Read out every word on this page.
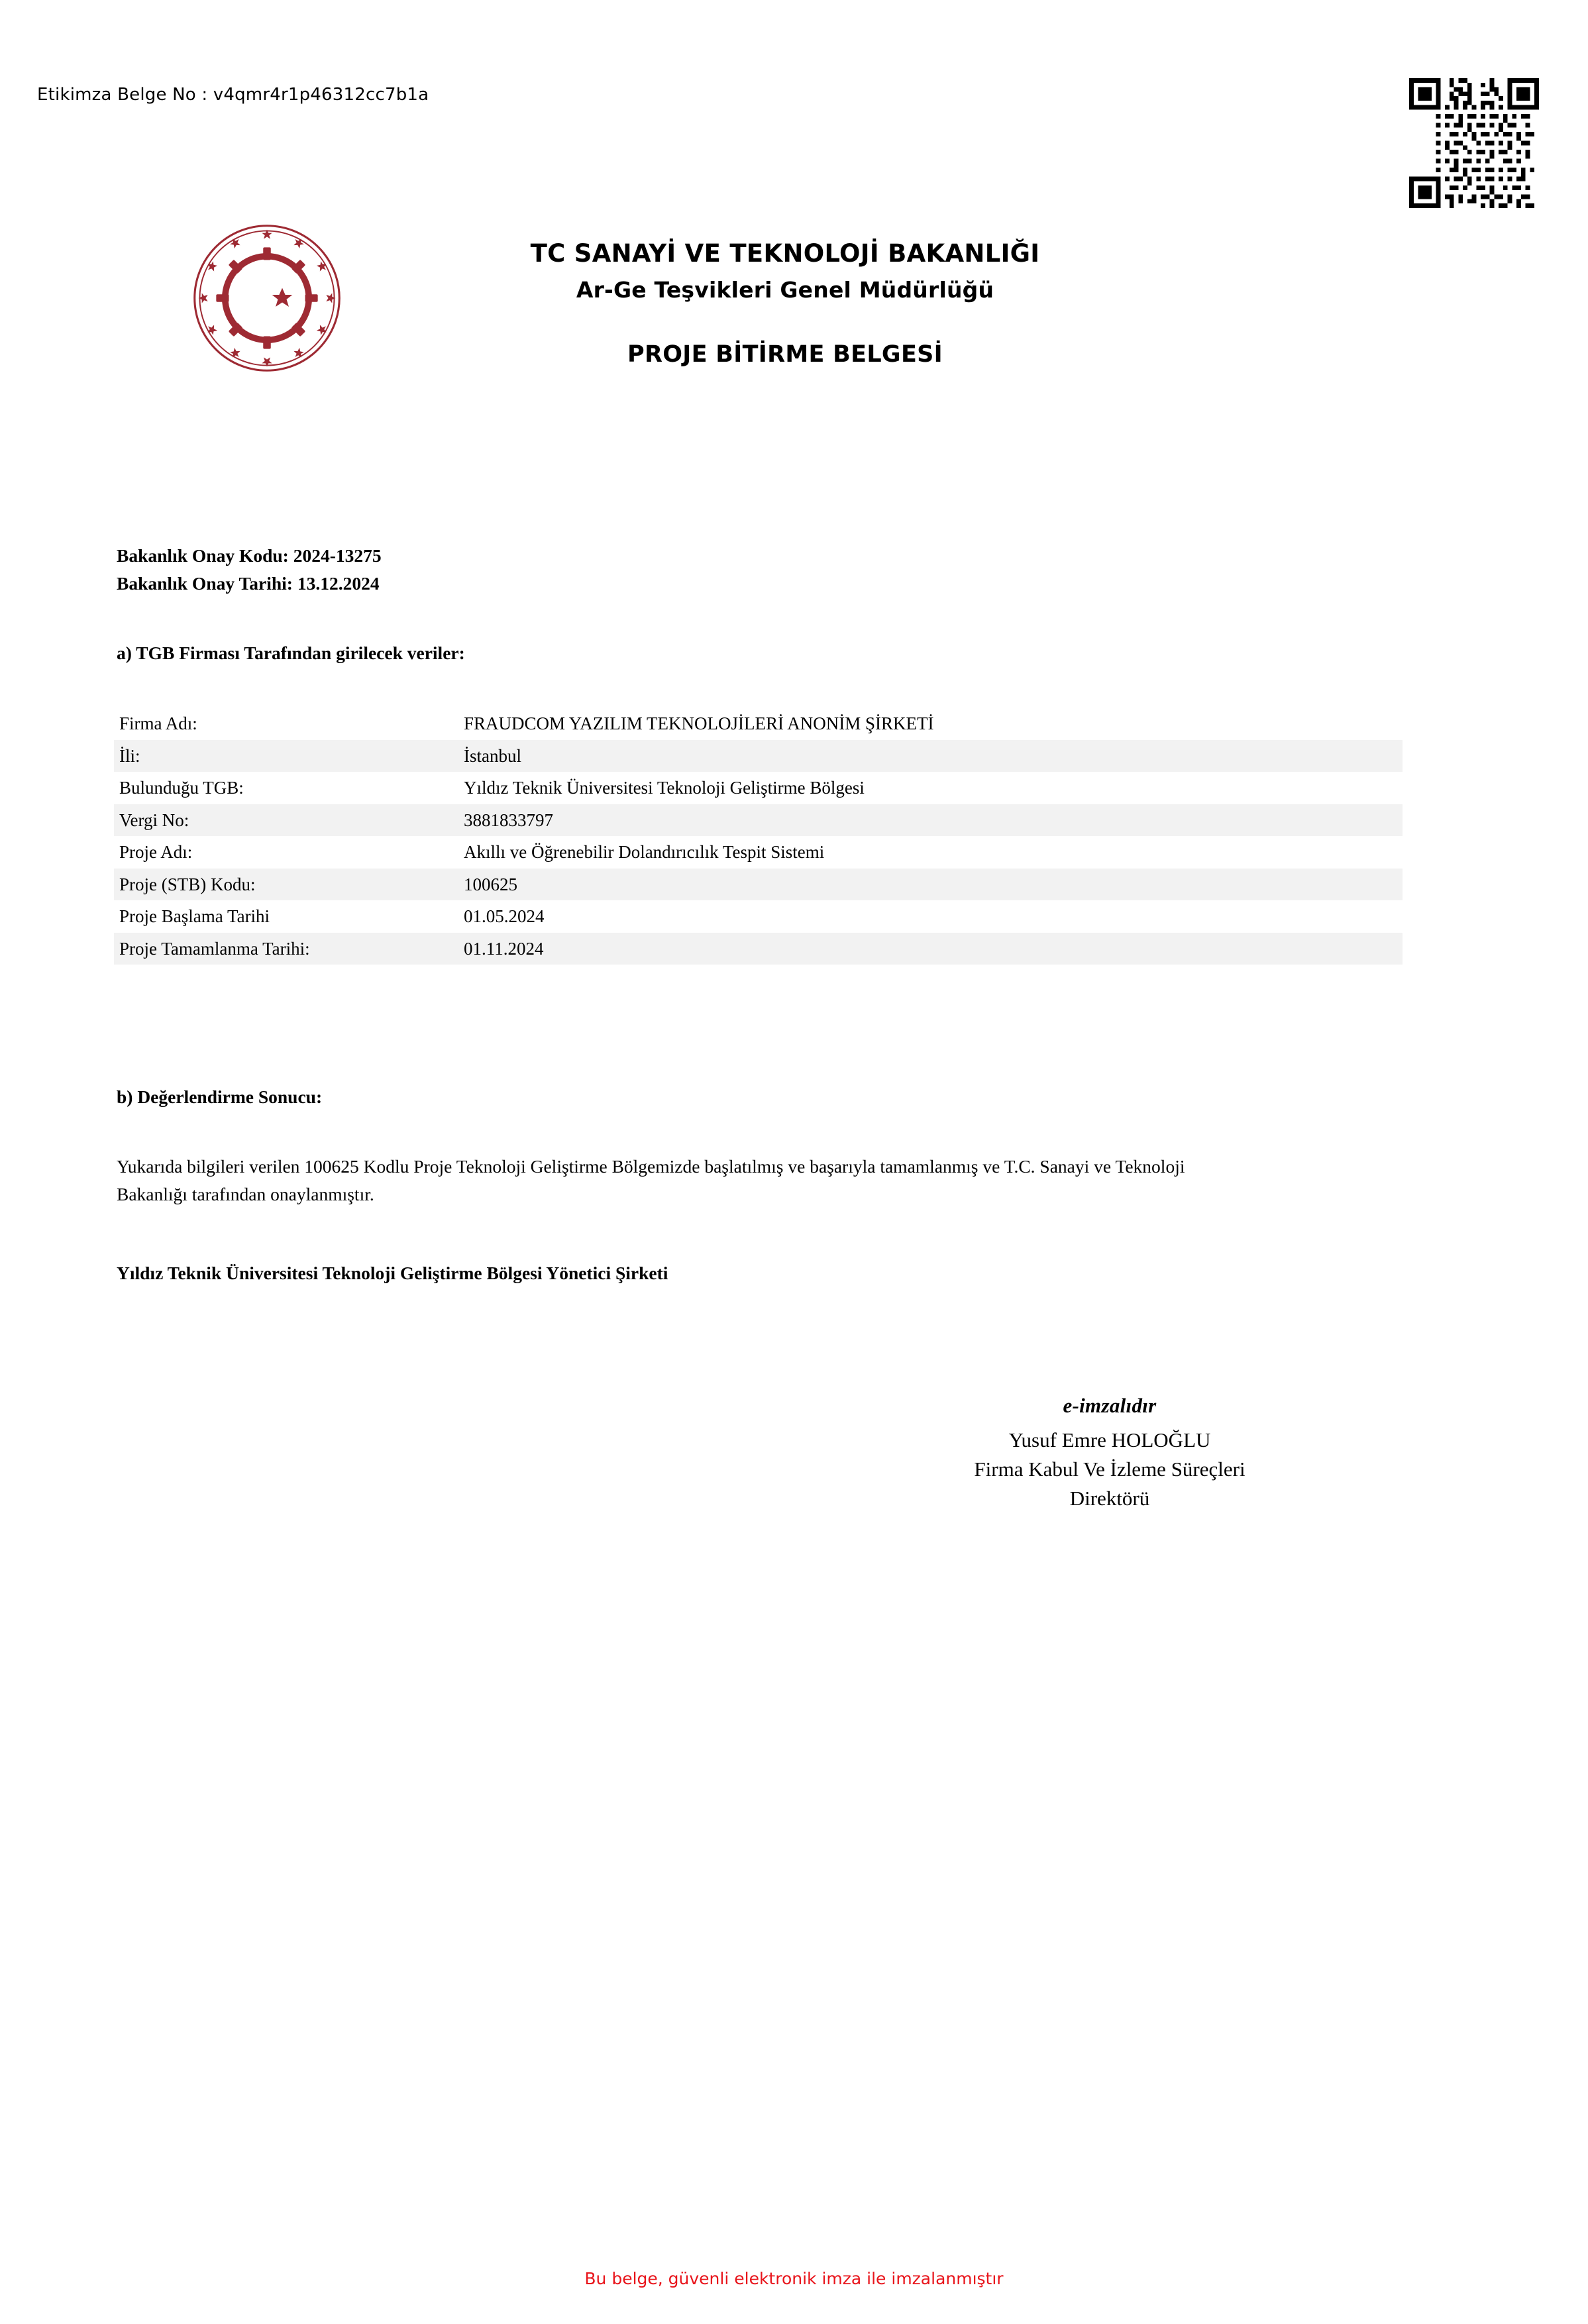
Etikimza Belge No : v4qmr4r1p46312cc7b1a
TC SANAYİ VE TEKNOLOJİ BAKANLIĞI
Ar-Ge Teşvikleri Genel Müdürlüğü
PROJE BİTİRME BELGESİ
Bakanlık Onay Kodu: 2024-13275
Bakanlık Onay Tarihi: 13.12.2024
a) TGB Firması Tarafından girilecek veriler:
Firma Adı:	FRAUDCOM YAZILIM TEKNOLOJİLERİ ANONİM ŞİRKETİ
İli:	İstanbul
Bulunduğu TGB:	Yıldız Teknik Üniversitesi Teknoloji Geliştirme Bölgesi
Vergi No:	3881833797
Proje Adı:	Akıllı ve Öğrenebilir Dolandırıcılık Tespit Sistemi
Proje (STB) Kodu:	100625
Proje Başlama Tarihi	01.05.2024
Proje Tamamlanma Tarihi:	01.11.2024
b) Değerlendirme Sonucu:
Yukarıda bilgileri verilen 100625 Kodlu Proje Teknoloji Geliştirme Bölgemizde başlatılmış ve başarıyla tamamlanmış ve T.C. Sanayi ve Teknoloji Bakanlığı tarafından onaylanmıştır.
Yıldız Teknik Üniversitesi Teknoloji Geliştirme Bölgesi Yönetici Şirketi
e-imzalıdır
Yusuf Emre HOLOĞLU
Firma Kabul Ve İzleme Süreçleri
Direktörü
Bu belge, güvenli elektronik imza ile imzalanmıştır
